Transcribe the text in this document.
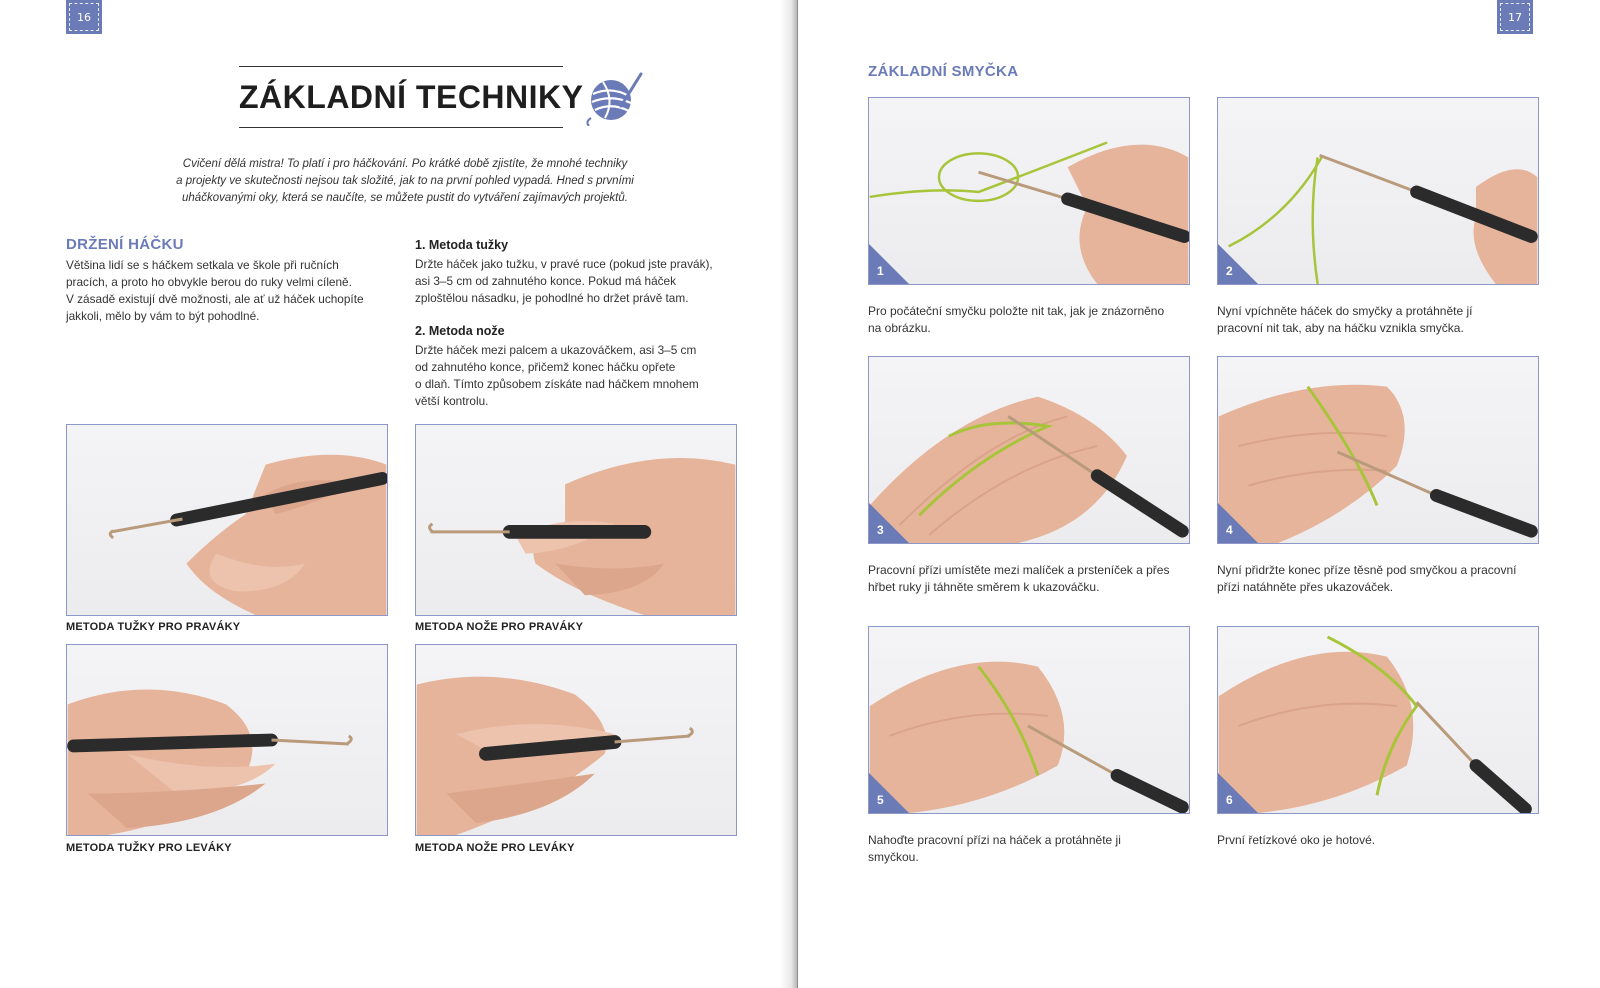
16
ZÁKLADNÍ TECHNIKY
Cvičení dělá mistra! To platí i pro háčkování. Po krátké době zjistíte, že mnohé techniky
a projekty ve skutečnosti nejsou tak složité, jak to na první pohled vypadá. Hned s prvními
uháčkovanými oky, která se naučíte, se můžete pustit do vytváření zajímavých projektů.
DRŽENÍ HÁČKU
Většina lidí se s háčkem setkala ve škole při ručních
pracích, a proto ho obvykle berou do ruky velmi cíleně.
V zásadě existují dvě možnosti, ale ať už háček uchopíte
jakkoli, mělo by vám to být pohodlné.
1. Metoda tužky
Držte háček jako tužku, v pravé ruce (pokud jste pravák),
asi 3–5 cm od zahnutého konce. Pokud má háček
zploštělou násadku, je pohodlné ho držet právě tam.
2. Metoda nože
Držte háček mezi palcem a ukazováčkem, asi 3–5 cm
od zahnutého konce, přičemž konec háčku opřete
o dlaň. Tímto způsobem získáte nad háčkem mnohem
větší kontrolu.
METODA TUŽKY PRO PRAVÁKY	METODA NOŽE PRO PRAVÁKY
METODA TUŽKY PRO LEVÁKY	METODA NOŽE PRO LEVÁKY
17
ZÁKLADNÍ SMYČKA
1
Pro počáteční smyčku položte nit tak, jak je znázorněno
na obrázku.
2
Nyní vpíchněte háček do smyčky a protáhněte jí
pracovní nit tak, aby na háčku vznikla smyčka.
3
Pracovní přízi umístěte mezi malíček a prsteníček a přes
hřbet ruky ji táhněte směrem k ukazováčku.
4
Nyní přidržte konec příze těsně pod smyčkou a pracovní
přízi natáhněte přes ukazováček.
5
Nahoďte pracovní přízi na háček a protáhněte ji
smyčkou.
6
První řetízkové oko je hotové.
